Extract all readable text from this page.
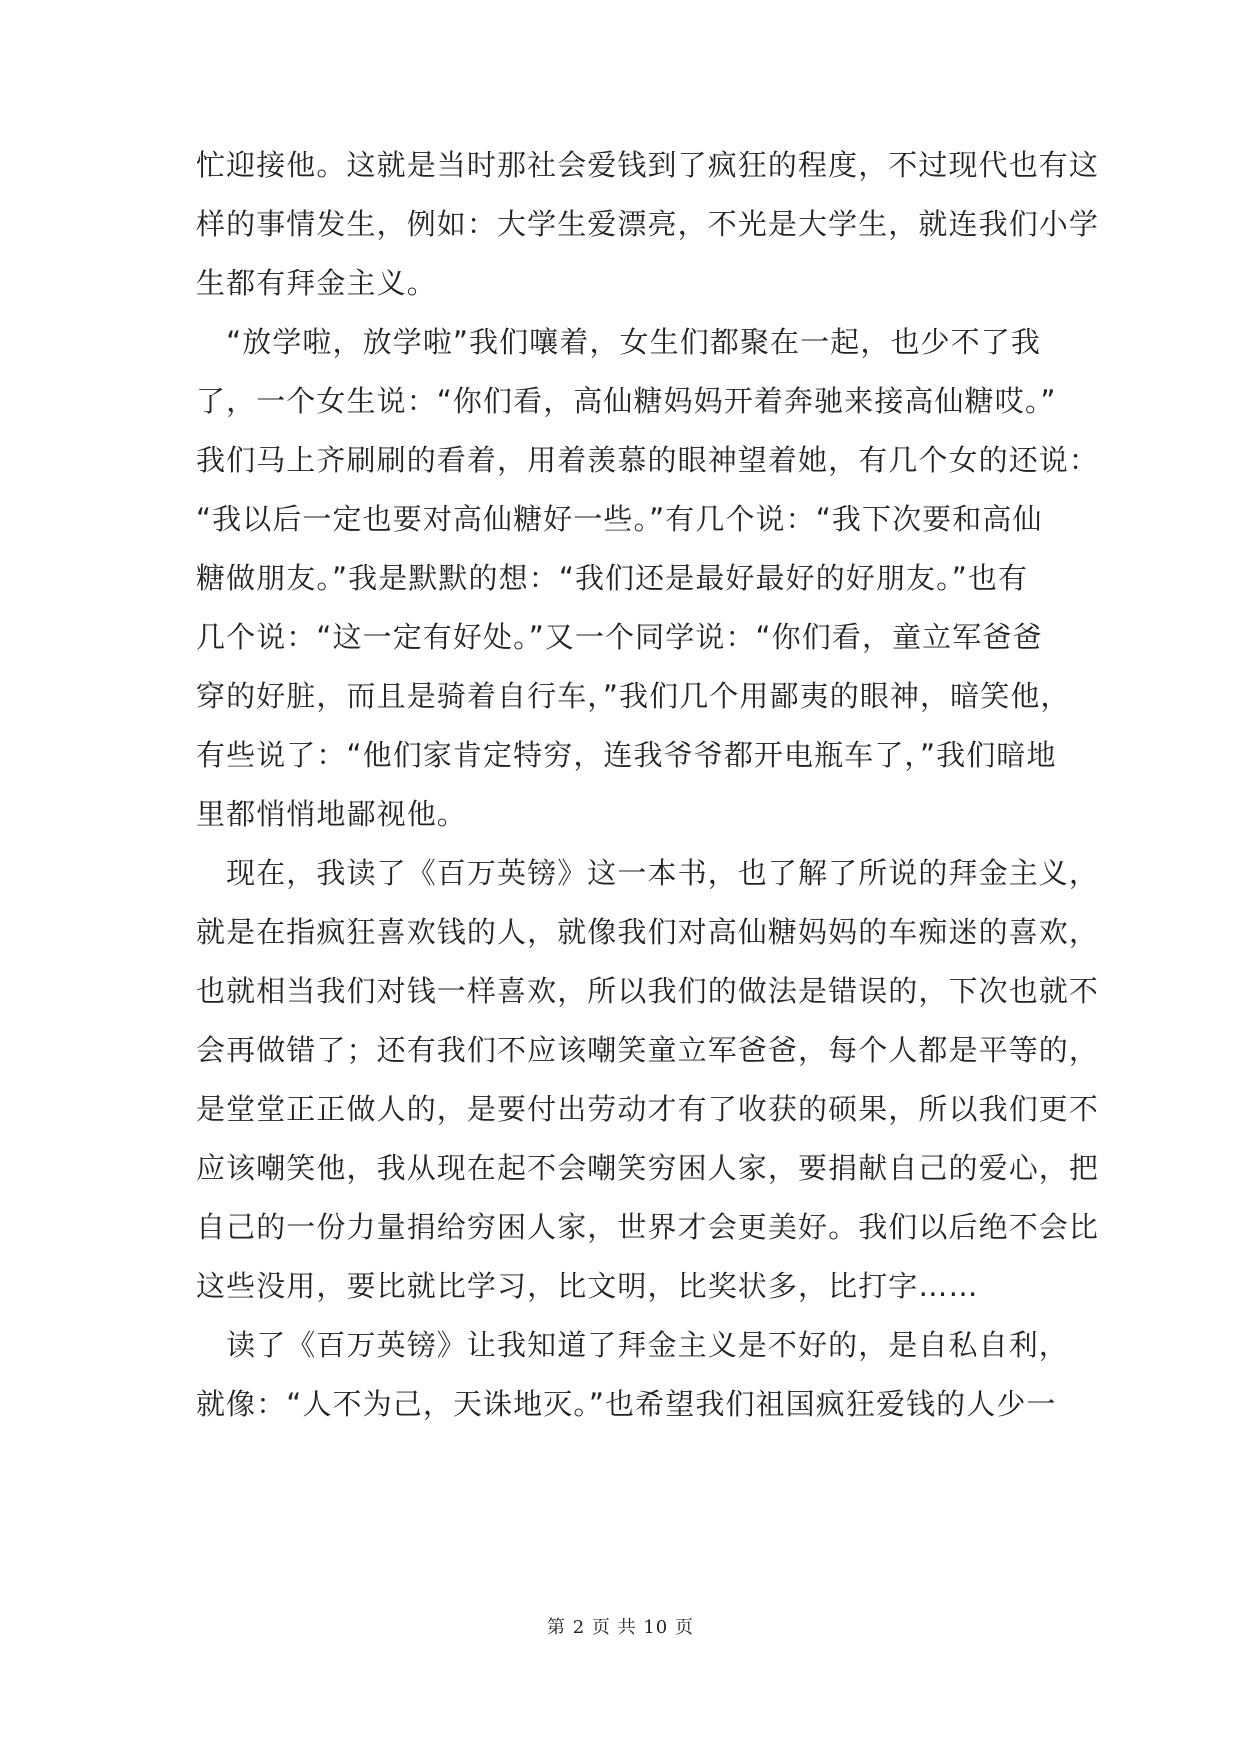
忙迎接他。这就是当时那社会爱钱到了疯狂的程度，不过现代也有这
样的事情发生，例如：大学生爱漂亮，不光是大学生，就连我们小学
生都有拜金主义。
　“放学啦，放学啦”我们嚷着，女生们都聚在一起，也少不了我
了，一个女生说：“你们看，高仙糖妈妈开着奔驰来接高仙糖哎。”
我们马上齐刷刷的看着，用着羡慕的眼神望着她，有几个女的还说：
“我以后一定也要对高仙糖好一些。”有几个说：“我下次要和高仙
糖做朋友。”我是默默的想：“我们还是最好最好的好朋友。”也有
几个说：“这一定有好处。”又一个同学说：“你们看，童立军爸爸
穿的好脏，而且是骑着自行车，”我们几个用鄙夷的眼神，暗笑他，
有些说了：“他们家肯定特穷，连我爷爷都开电瓶车了，”我们暗地
里都悄悄地鄙视他。
　现在，我读了《百万英镑》这一本书，也了解了所说的拜金主义，
就是在指疯狂喜欢钱的人，就像我们对高仙糖妈妈的车痴迷的喜欢，
也就相当我们对钱一样喜欢，所以我们的做法是错误的，下次也就不
会再做错了；还有我们不应该嘲笑童立军爸爸，每个人都是平等的，
是堂堂正正做人的，是要付出劳动才有了收获的硕果，所以我们更不
应该嘲笑他，我从现在起不会嘲笑穷困人家，要捐献自己的爱心，把
自己的一份力量捐给穷困人家，世界才会更美好。我们以后绝不会比
这些没用，要比就比学习，比文明，比奖状多，比打字……
　读了《百万英镑》让我知道了拜金主义是不好的，是自私自利，
就像：“人不为己，天诛地灭。”也希望我们祖国疯狂爱钱的人少一
第 2 页 共 10 页
